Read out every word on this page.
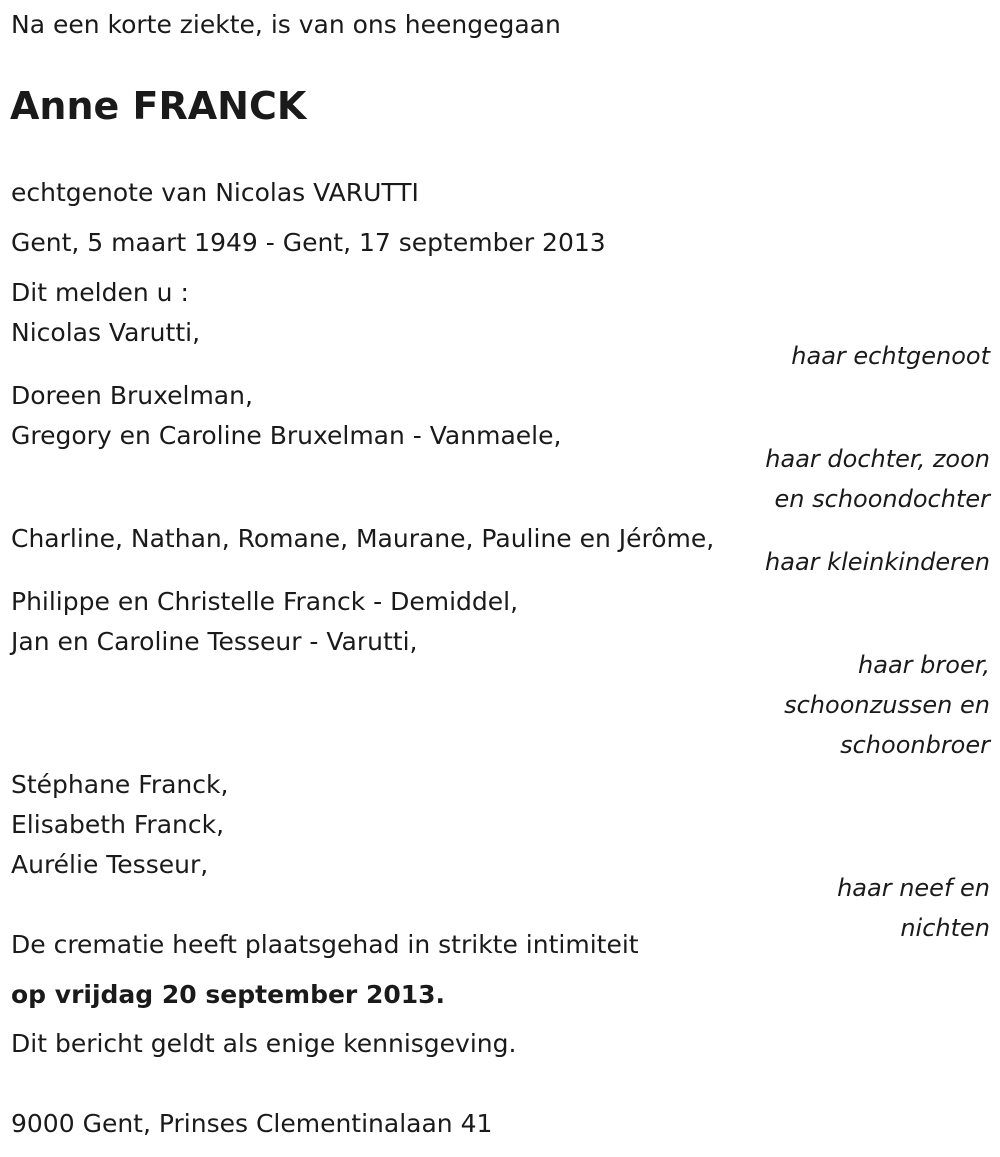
Na een korte ziekte, is van ons heengegaan
Anne FRANCK
echtgenote van Nicolas VARUTTI
Gent, 5 maart 1949 - Gent, 17 september 2013
Dit melden u :
Nicolas Varutti,
haar echtgenoot
Doreen Bruxelman,
Gregory en Caroline Bruxelman - Vanmaele,
haar dochter, zoon
en schoondochter
Charline, Nathan, Romane, Maurane, Pauline en Jérôme,
haar kleinkinderen
Philippe en Christelle Franck - Demiddel,
Jan en Caroline Tesseur - Varutti,
haar broer,
schoonzussen en
schoonbroer
Stéphane Franck,
Elisabeth Franck,
Aurélie Tesseur,
haar neef en
nichten
De crematie heeft plaatsgehad in strikte intimiteit
op vrijdag 20 september 2013.
Dit bericht geldt als enige kennisgeving.
9000 Gent, Prinses Clementinalaan 41
